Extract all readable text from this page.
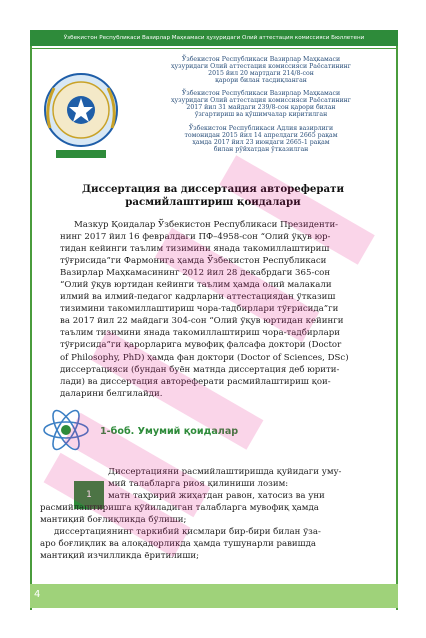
Ўзбекистон Республикаси Вазирлар Маҳкамаси ҳузуридаги Олий аттестация комиссияси Бюллетени
Ўзбекистон Республикаси Вазирлар Маҳкамаси
ҳузуридаги Олий аттестация комиссияси Раёсатининг
2015 йил 20 мартдаги 214/8-сон
қарори билан тасдиқланган
Ўзбекистон Республикаси Вазирлар Маҳкамаси
ҳузуридаги Олий аттестация комиссияси Раёсатининг
2017 йил 31 майдаги 239/8-сон қарори билан
ўзгартириш ва қўшимчалар киритилган
Ўзбекистон Республикаси Адлия вазирлиги
томонидан 2015 йил 14 апрелдаги 2665 рақам
ҳамда 2017 йил 23 июндаги 2665-1 рақам
билан рўйхатдан ўтказилган
Диссертация ва диссертация автореферати
расмийлаштириш қоидалари
Мазкур Қоидалар Ўзбекистон Республикаси Президенти-
нинг 2017 йил 16 февралдаги ПФ–4958-сон “Олий ўқув юр-
тидан кейинги таълим тизимини янада такомиллаштириш
тўғрисида”ги Фармонига ҳамда Ўзбекистон Республикаси
Вазирлар Маҳкамасининг 2012 йил 28 декабрдаги 365-сон
“Олий ўқув юртидан кейинги таълим ҳамда олий малакали
илмий ва илмий-педагог кадрларни аттестациядан ўтказиш
тизимини такомиллаштириш чора-тадбирлари тўғрисида”ги
ва 2017 йил 22 майдаги 304-сон “Олий ўқув юртидан кейинги
таълим тизимини янада такомиллаштириш чора-тадбирлари
тўғрисида”ги қарорларига мувофиқ фалсафа доктори (Doctor
of Philosophy, PhD) ҳамда фан доктори (Doctor of Sciences, DSc)
диссертацияси (бундан буён матнда диссертация деб юрити-
лади) ва диссертация автореферати расмийлаштириш қои-
даларини белгилайди.
1-боб. Умумий қоидалар
1
Диссертацияни расмийлаштиришда қуйидаги уму-
мий талабларга риоя қилиниши лозим:
матн таҳририй жиҳатдан равон, хатосиз ва уни
расмийлаштиришга қўйиладиган талабларга мувофиқ ҳамда
мантиқий боғлиқликда бўлиши;
диссертациянинг таркибий қисмлари бир-бири билан ўза-
аро боғлиқлик ва алоқадорликда ҳамда тушунарли равишда
мантиқий изчилликда ёритилиши;
4
